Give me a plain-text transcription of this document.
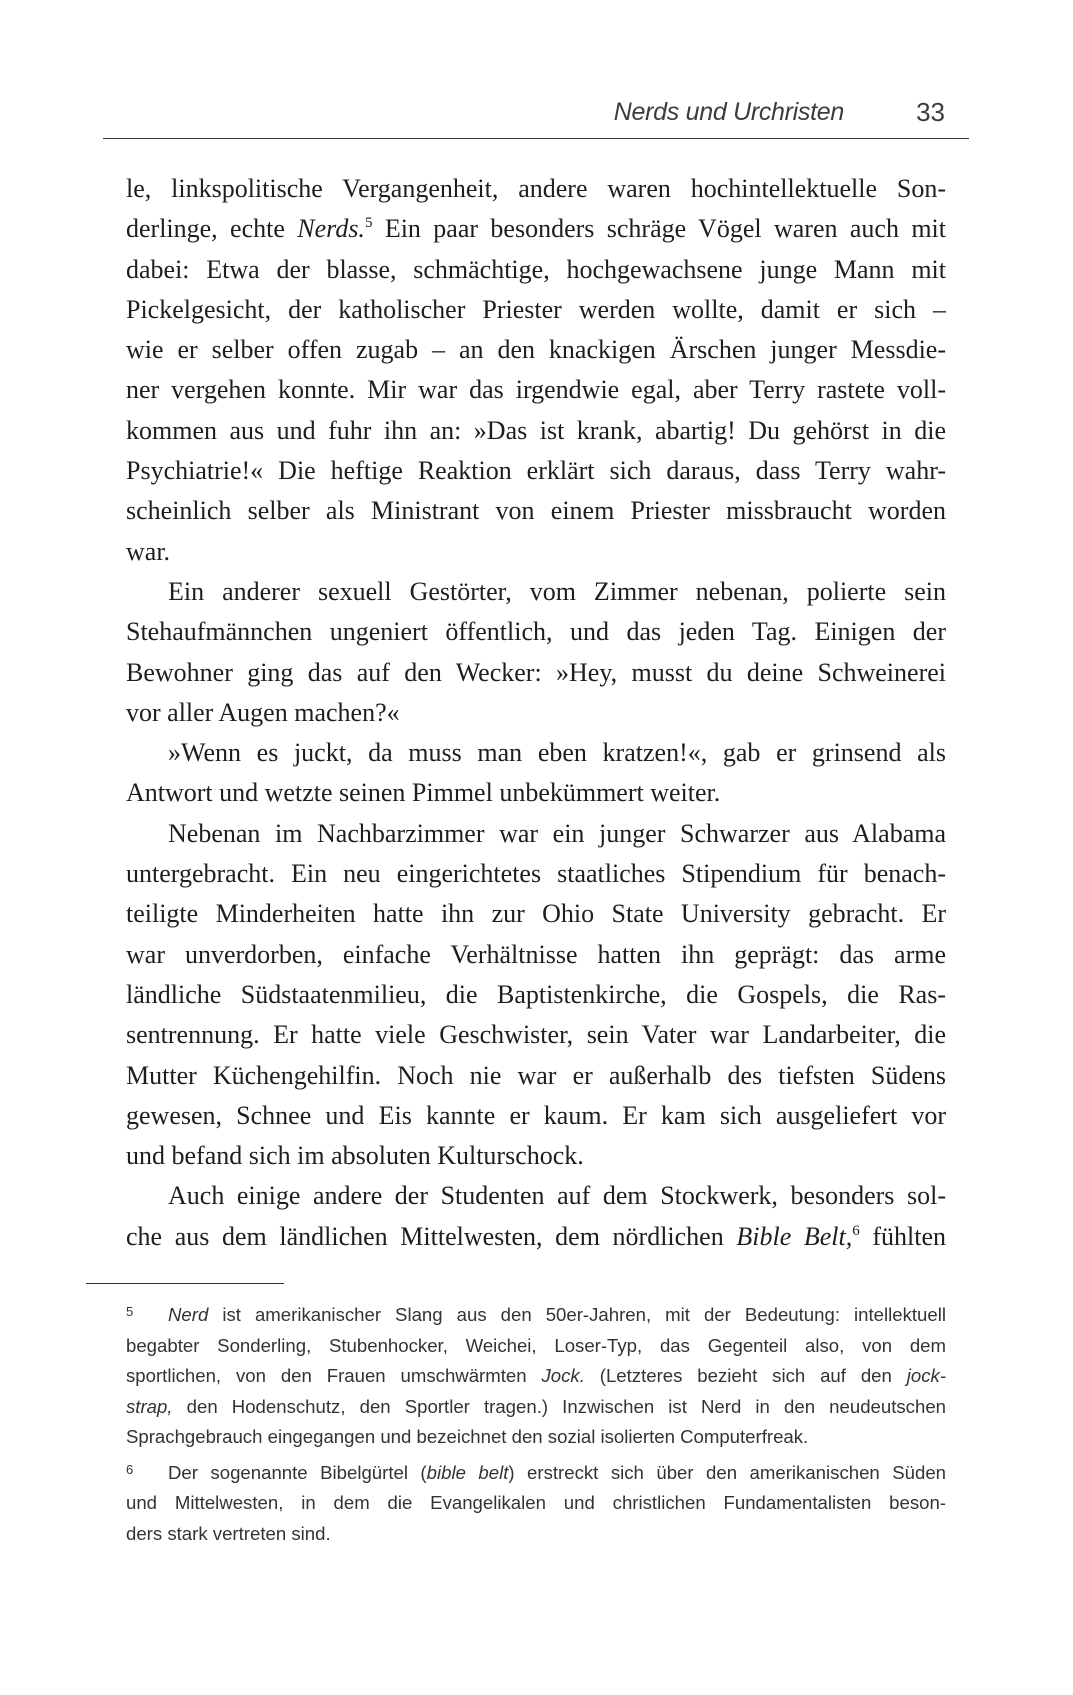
Nerds und Urchristen	33

le, linkspolitische Vergangenheit, andere waren hochintellektuelle Son-
derlinge, echte Nerds.$^5$ Ein paar besonders schräge Vögel waren auch mit
dabei: Etwa der blasse, schmächtige, hochgewachsene junge Mann mit
Pickelgesicht, der katholischer Priester werden wollte, damit er sich –
wie er selber offen zugab – an den knackigen Ärschen junger Messdie-
ner vergehen konnte. Mir war das irgendwie egal, aber Terry rastete voll-
kommen aus und fuhr ihn an: »Das ist krank, abartig! Du gehörst in die
Psychiatrie!« Die heftige Reaktion erklärt sich daraus, dass Terry wahr-
scheinlich selber als Ministrant von einem Priester missbraucht worden

war.

Ein anderer sexuell Gestörter, vom Zimmer nebenan, polierte sein
Stehaufmännchen ungeniert öffentlich, und das jeden Tag. Einigen der
Bewohner ging das auf den Wecker: »Hey, musst du deine Schweinerei

vor aller Augen machen?«

»Wenn es juckt, da muss man eben kratzen!«, gab er grinsend als

Antwort und wetzte seinen Pimmel unbekümmert weiter.

Nebenan im Nachbarzimmer war ein junger Schwarzer aus Alabama
untergebracht. Ein neu eingerichtetes staatliches Stipendium für benach-
teiligte Minderheiten hatte ihn zur Ohio State University gebracht. Er
war unverdorben, einfache Verhältnisse hatten ihn geprägt: das arme
ländliche Südstaatenmilieu, die Baptistenkirche, die Gospels, die Ras-
sentrennung. Er hatte viele Geschwister, sein Vater war Landarbeiter, die
Mutter Küchengehilfin. Noch nie war er außerhalb des tiefsten Südens
gewesen, Schnee und Eis kannte er kaum. Er kam sich ausgeliefert vor

und befand sich im absoluten Kulturschock.

Auch einige andere der Studenten auf dem Stockwerk, besonders sol-
che aus dem ländlichen Mittelwesten, dem nördlichen Bible Belt,$^6$ fühlten

5	Nerd ist amerikanischer Slang aus den 50er-Jahren, mit der Bedeutung: intellektuell
begabter Sonderling, Stubenhocker, Weichei, Loser-Typ, das Gegenteil also, von dem
sportlichen, von den Frauen umschwärmten Jock. (Letzteres bezieht sich auf den jock-
strap, den Hodenschutz, den Sportler tragen.) Inzwischen ist Nerd in den neudeutschen
Sprachgebrauch eingegangen und bezeichnet den sozial isolierten Computerfreak.
6	Der sogenannte Bibelgürtel (bible belt) erstreckt sich über den amerikanischen Süden
und Mittelwesten, in dem die Evangelikalen und christlichen Fundamentalisten beson-
ders stark vertreten sind.
